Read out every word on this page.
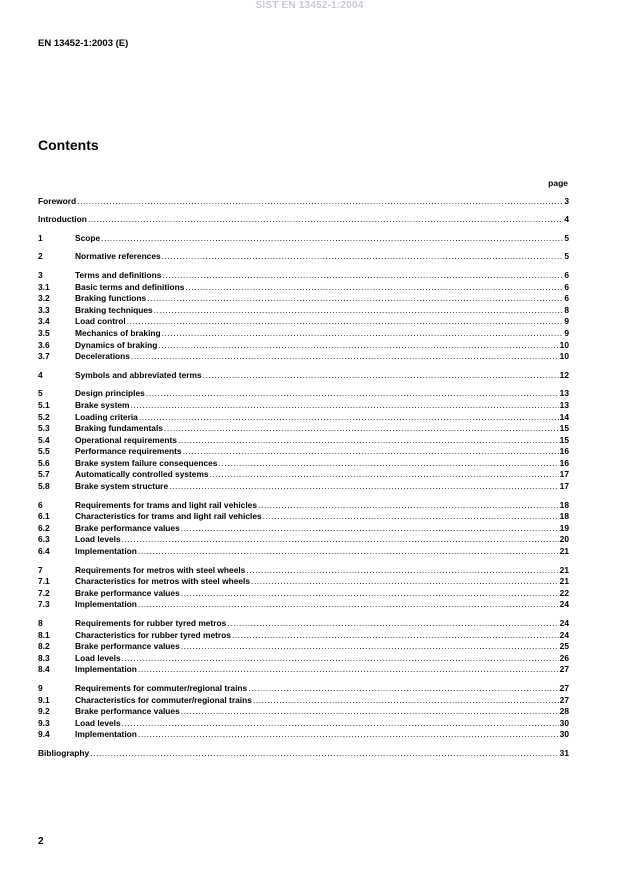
SIST EN 13452-1:2004
EN 13452-1:2003 (E)
Contents
page
Foreword .....	3
Introduction .....	4
1	Scope .....	5
2	Normative references .....	5
3	Terms and definitions .....	6
3.1	Basic terms and definitions .....	6
3.2	Braking functions .....	6
3.3	Braking techniques .....	8
3.4	Load control .....	9
3.5	Mechanics of braking .....	9
3.6	Dynamics of braking .....	10
3.7	Decelerations .....	10
4	Symbols and abbreviated terms .....	12
5	Design principles .....	13
5.1	Brake system .....	13
5.2	Loading criteria .....	14
5.3	Braking fundamentals .....	15
5.4	Operational requirements .....	15
5.5	Performance requirements .....	16
5.6	Brake system failure consequences .....	16
5.7	Automatically controlled systems .....	17
5.8	Brake system structure .....	17
6	Requirements for trams and light rail vehicles .....	18
6.1	Characteristics for trams and light rail vehicles .....	18
6.2	Brake performance values .....	19
6.3	Load levels .....	20
6.4	Implementation .....	21
7	Requirements for metros with steel wheels .....	21
7.1	Characteristics for metros with steel wheels .....	21
7.2	Brake performance values .....	22
7.3	Implementation .....	24
8	Requirements for rubber tyred metros .....	24
8.1	Characteristics for rubber tyred metros .....	24
8.2	Brake performance values .....	25
8.3	Load levels .....	26
8.4	Implementation .....	27
9	Requirements for commuter/regional trains .....	27
9.1	Characteristics for commuter/regional trains .....	27
9.2	Brake performance values .....	28
9.3	Load levels .....	30
9.4	Implementation .....	30
Bibliography .....	31
2
